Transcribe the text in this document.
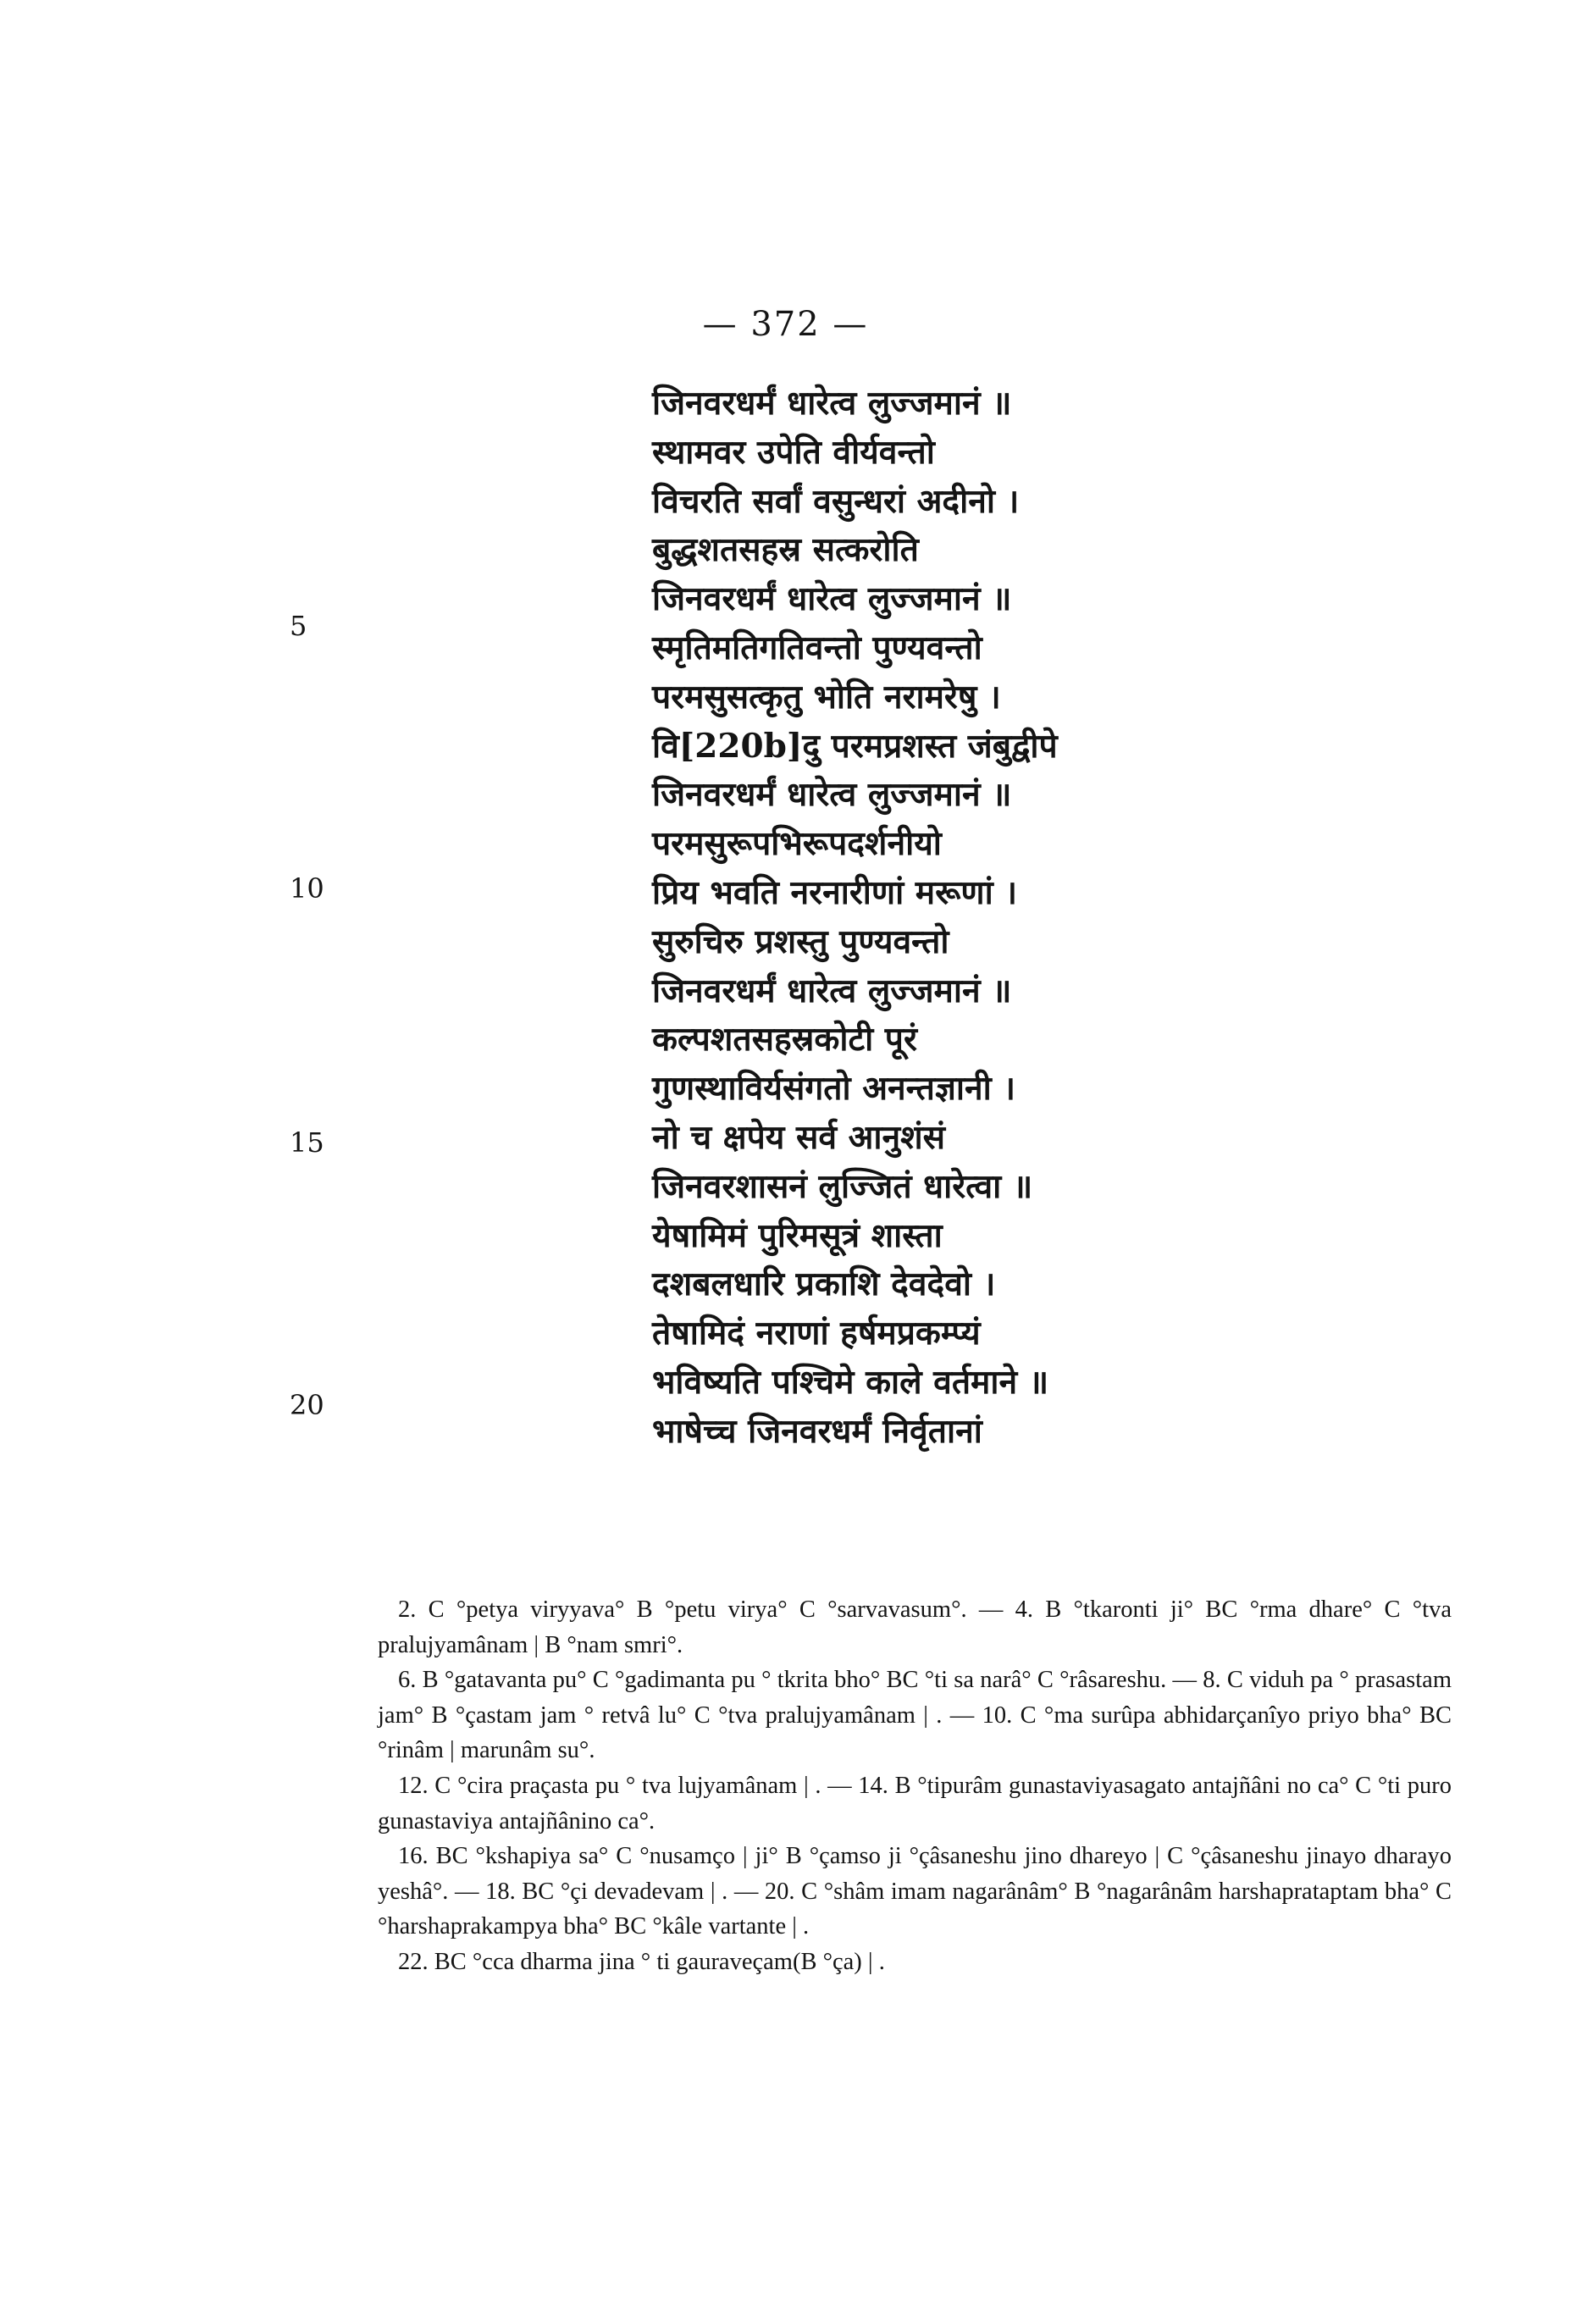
— 372 —
जिनवरधर्मं धारेत्व लुज्जमानं ॥
स्थामवर उपेति वीर्यवन्तो
विचरति सर्वां वसुन्धरां अदीनो ।
बुद्धशतसहस्र सत्करोति
जिनवरधर्मं धारेत्व लुज्जमानं ॥
स्मृतिमतिगतिवन्तो पुण्यवन्तो
परमसुसत्कृतु भोति नरामरेषु ।
वि[220b]दु परमप्रशस्त जंबुद्वीपे
जिनवरधर्मं धारेत्व लुज्जमानं ॥
परमसुरूपभिरूपदर्शनीयो
प्रिय भवति नरनारीणां मरूणां ।
सुरुचिरु प्रशस्तु पुण्यवन्तो
जिनवरधर्मं धारेत्व लुज्जमानं ॥
कल्पशतसहस्रकोटी पूरं
गुणस्थाविर्यसंगतो अनन्तज्ञानी ।
नो च क्षपेय सर्व आनुशंसं
जिनवरशासनं लुज्जितं धारेत्वा ॥
येषामिमं पुरिमसूत्रं शास्ता
दशबलधारि प्रकाशि देवदेवो ।
तेषामिदं नराणां हर्षमप्रकम्प्यं
भविष्यति पश्चिमे काले वर्तमाने ॥
भाषेच्च जिनवरधर्मं निर्वृतानां
5
10
15
20

2. C °petya viryyava° B °petu virya° C °sarvavasum°. — 4. B °tkaronti ji° BC °rma dhare° C °tva pralujyamânam | B °nam smri°.

6. B °gatavanta pu° C °gadimanta pu ° tkrita bho° BC °ti sa narâ° C °râsareshu. — 8. C viduh pa ° prasastam jam° B °çastam jam ° retvâ lu° C °tva pralujyamânam | . — 10. C °ma surûpa abhidarçanîyo priyo bha° BC °rinâm | marunâm su°.

12. C °cira praçasta pu ° tva lujyamânam | . — 14. B °tipurâm gunastaviyasagato antajñâni no ca° C °ti puro gunastaviya antajñânino ca°.

16. BC °kshapiya sa° C °nusamço | ji° B °çamso ji °çâsaneshu jino dhareyo | C °çâsaneshu jinayo dharayo yeshâ°. — 18. BC °çi devadevam | . — 20. C °shâm imam nagarânâm° B °nagarânâm harshaprataptam bha° C °harshaprakampya bha° BC °kâle vartante | .

22. BC °cca dharma jina ° ti gauraveçam(B °ça) | .
